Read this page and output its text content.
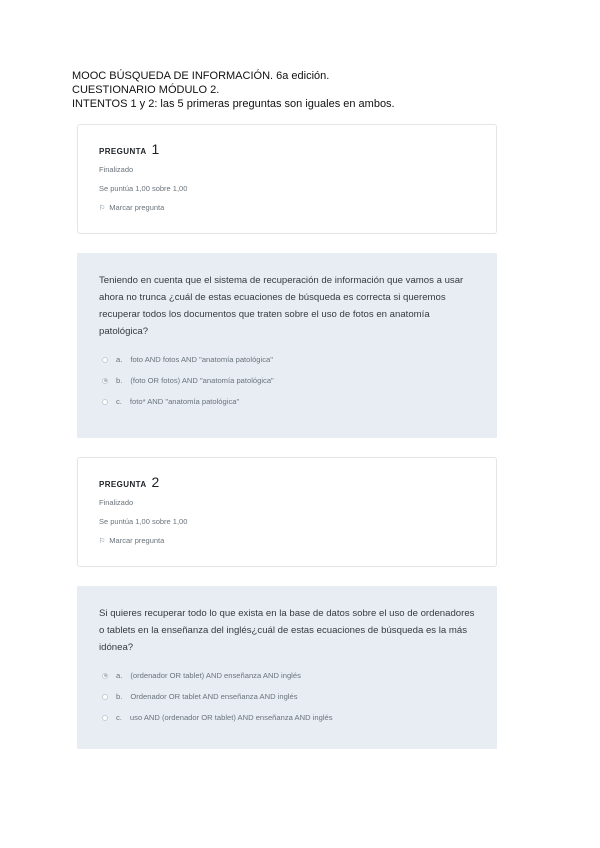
MOOC BÚSQUEDA DE INFORMACIÓN. 6a edición.
CUESTIONARIO MÓDULO 2.
INTENTOS 1 y 2: las 5 primeras preguntas son iguales en ambos.
PREGUNTA 1
Finalizado
Se puntúa 1,00 sobre 1,00
⚐ Marcar pregunta
Teniendo en cuenta que el sistema de recuperación de información que vamos a usar ahora no trunca ¿cuál de estas ecuaciones de búsqueda es correcta si queremos recuperar todos los documentos que traten sobre el uso de fotos en anatomía patológica?
a. foto AND fotos AND "anatomía patológica"
b. (foto OR fotos) AND "anatomía patológica"
c. foto* AND "anatomía patológica"
PREGUNTA 2
Finalizado
Se puntúa 1,00 sobre 1,00
⚐ Marcar pregunta
Si quieres recuperar todo lo que exista en la base de datos sobre el uso de ordenadores o tablets en la enseñanza del inglés¿cuál de estas ecuaciones de búsqueda es la más idónea?
a. (ordenador OR tablet) AND enseñanza AND inglés
b. Ordenador OR tablet AND enseñanza AND inglés
c. uso AND (ordenador OR tablet) AND enseñanza AND inglés
